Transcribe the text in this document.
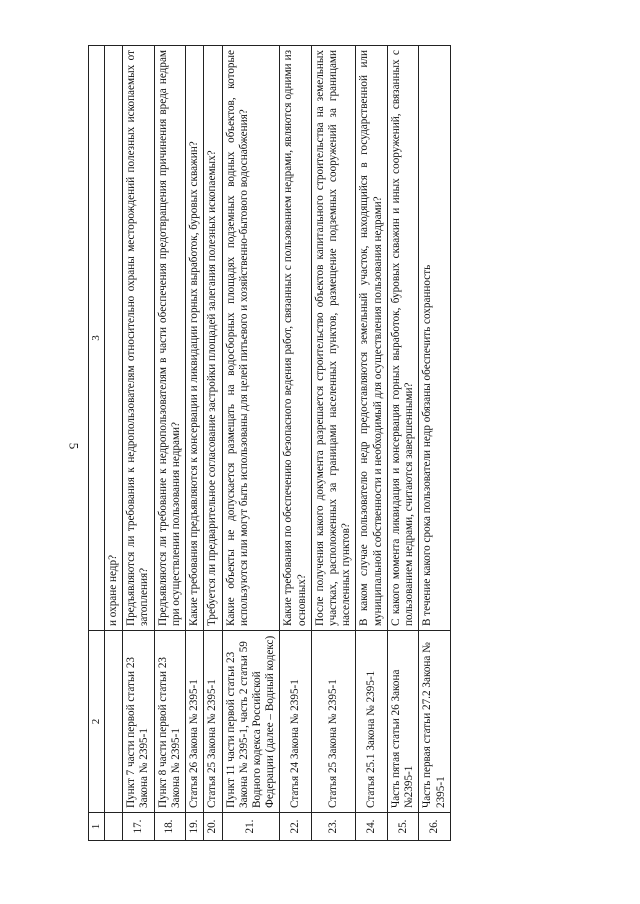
5
1	2	3
		и охране недр?
17.	Пункт 7 части первой статьи 23 Закона № 2395-1	Предъявляются ли требования к недропользователям относительно охраны месторождений полезных ископаемых от затопления?
18.	Пункт 8 части первой статьи 23 Закона № 2395-1	Предъявляются ли требование к недропользователям в части обеспечения предотвращения причинения вреда недрам при осуществлении пользования недрами?
19.	Статья 26 Закона № 2395-1	Какие требования предъявляются к консервации и ликвидации горных выработок, буровых скважин?
20.	Статья 25 Закона № 2395-1	Требуется ли предварительное согласование застройки площадей залегания полезных ископаемых?
21.	Пункт 11 части первой статьи 23 Закона № 2395-1, часть 2 статьи 59 Водного кодекса Российской Федерации (далее – Водный кодекс)	Какие объекты не допускается размещать на водосборных площадях подземных водных объектов, которые используются или могут быть использованы для целей питьевого и хозяйственно-бытового водоснабжения?
22.	Статья 24 Закона № 2395-1	Какие требования по обеспечению безопасного ведения работ, связанных с пользованием недрами, являются одними из основных?
23.	Статья 25 Закона № 2395-1	После получения какого документа разрешается строительство объектов капитального строительства на земельных участках, расположенных за границами населенных пунктов, размещение подземных сооружений за границами населенных пунктов?
24.	Статья 25.1 Закона № 2395-1	В каком случае пользователю недр предоставляются земельный участок, находящийся в государственной или муниципальной собственности и необходимый для осуществления пользования недрами?
25.	Часть пятая статьи 26 Закона №2395-1	С какого момента ликвидация и консервация горных выработок, буровых скважин и иных сооружений, связанных с пользованием недрами, считаются завершенными?
26.	Часть первая статьи 27.2 Закона № 2395-1	В течение какого срока пользователи недр обязаны обеспечить сохранность
